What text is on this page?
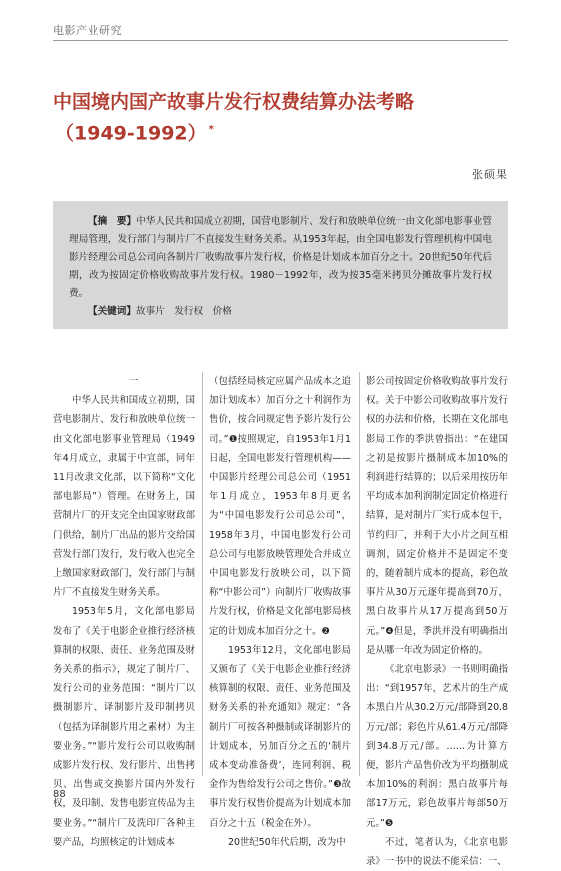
电影产业研究
中国境内国产故事片发行权费结算办法考略
（1949-1992） *
张硕果

【摘　要】中华人民共和国成立初期，国营电影制片、发行和放映单位统一由文化部电影事业管理局管理，发行部门与制片厂不直接发生财务关系。从1953年起，由全国电影发行管理机构中国电影片经理公司总公司向各制片厂收购故事片发行权，价格是计划成本加百分之十。20世纪50年代后期，改为按固定价格收购故事片发行权。1980－1992年，改为按35毫米拷贝分摊故事片发行权费。

【关键词】故事片　发行权　价格

一

中华人民共和国成立初期，国营电影制片、发行和放映单位统一由文化部电影事业管理局（1949年4月成立，隶属于中宣部，同年11月改隶文化部，以下简称“文化部电影局”）管理。在财务上，国营制片厂的开支完全由国家财政部门供给，制片厂出品的影片交给国营发行部门发行，发行收入也完全上缴国家财政部门，发行部门与制片厂不直接发生财务关系。

1953年5月，文化部电影局发布了《关于电影企业推行经济核算制的权限、责任、业务范围及财务关系的指示》，规定了制片厂、发行公司的业务范围：“制片厂以摄制影片、译制影片及印制拷贝（包括为译制影片用之素材）为主要业务。”“影片发行公司以收购制成影片发行权、发行影片、出售拷贝、出售或交换影片国内外发行权，及印制、发售电影宣传品为主要业务。”“制片厂及洗印厂各种主要产品，均照核定的计划成本

（包括经局核定应属产品成本之追加计划成本）加百分之十利润作为售价，按合同规定售予影片发行公司。”❶按照规定，自1953年1月1日起，全国电影发行管理机构——中国影片经理公司总公司（1951年1月成立，1953年8月更名为“中国电影发行公司总公司”，1958年3月，中国电影发行公司总公司与电影放映管理处合并成立中国电影发行放映公司，以下简称“中影公司”）向制片厂收购故事片发行权，价格是文化部电影局核定的计划成本加百分之十。❷

1953年12月，文化部电影局又颁布了《关于电影企业推行经济核算制的权限、责任、业务范围及财务关系的补充通知》规定：“各制片厂可按各种摄制或译制影片的计划成本，另加百分之五的‘制片成本变动准备费’，连同利润、税金作为售给发行公司之售价。”❸故事片发行权售价提高为计划成本加百分之十五（税金在外）。

20世纪50年代后期，改为中

影公司按固定价格收购故事片发行权。关于中影公司收购故事片发行权的办法和价格，长期在文化部电影局工作的季洪曾指出：“在建国之初是按影片摄制成本加10%的利润进行结算的；以后采用按历年平均成本加利润制定固定价格进行结算，是对制片厂实行成本包干，节约归厂，并利于大小片之间互相调剂，固定价格并不是固定不变的，随着制片成本的提高，彩色故事片从30万元逐年提高到70万，黑白故事片从17万提高到50万元。”❹但是，季洪并没有明确指出是从哪一年改为固定价格的。

《北京电影录》一书则明确指出：“到1957年，艺术片的生产成本黑白片从30.2万元/部降到20.8万元/部；彩色片从61.4万元/部降到34.8万元/部。……为计算方便，影片产品售价改为平均摄制成本加10%的利润：黑白故事片每部17万元，彩色故事片每部50万元。”❺

不过，笔者认为，《北京电影录》一书中的说法不能采信：一、

88
